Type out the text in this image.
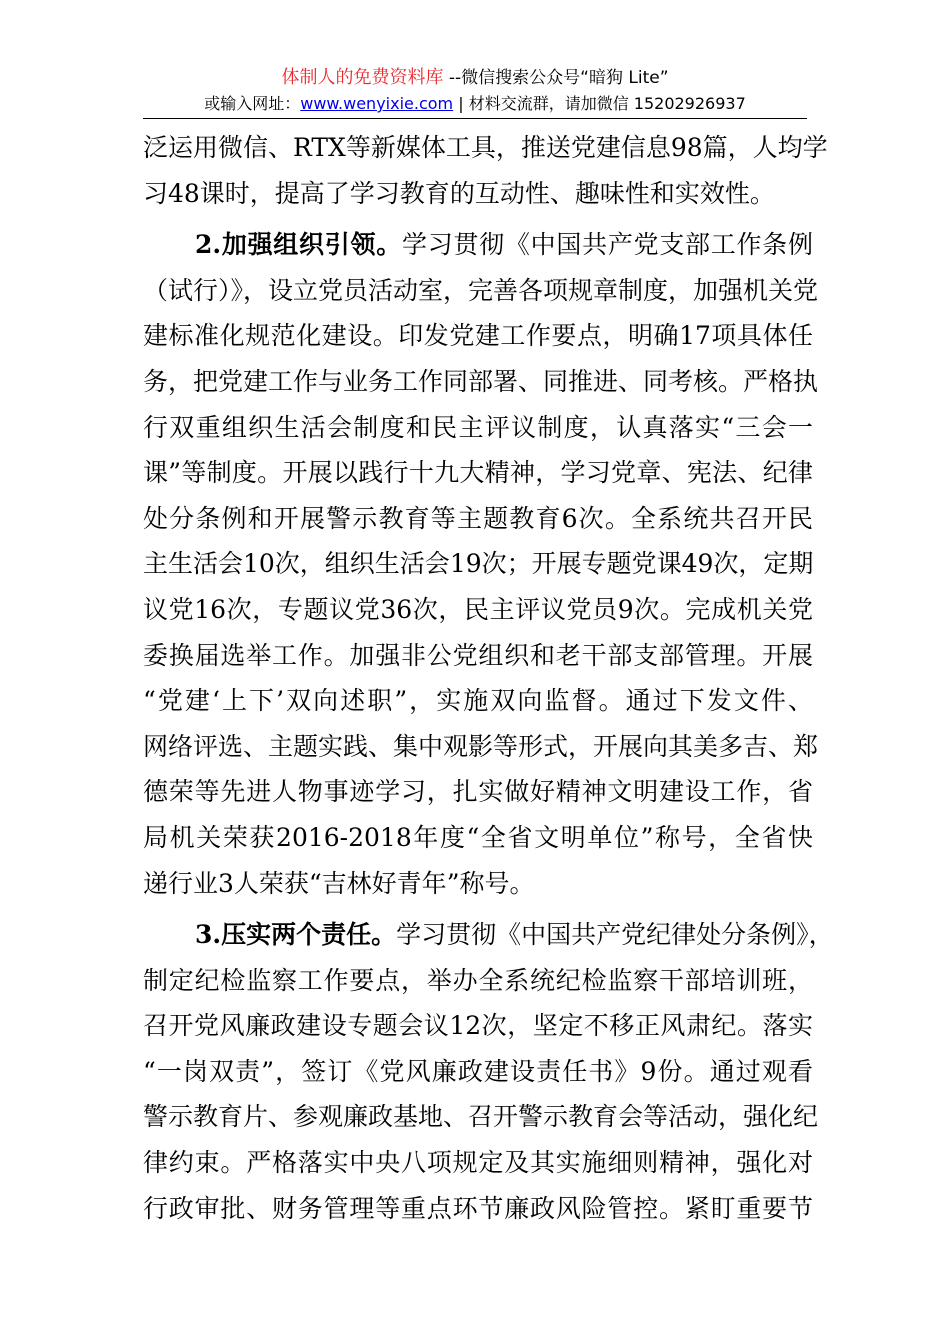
体制人的免费资料库 --微信搜索公众号“暗狗 Lite”
或输入网址：www.wenyixie.com | 材料交流群，请加微信 15202926937
泛运用微信、RTX等新媒体工具，推送党建信息98篇，人均学
习48课时，提高了学习教育的互动性、趣味性和实效性。
2.加强组织引领。学习贯彻《中国共产党支部工作条例
（试行）》，设立党员活动室，完善各项规章制度，加强机关党
建标准化规范化建设。印发党建工作要点，明确17项具体任
务，把党建工作与业务工作同部署、同推进、同考核。严格执
行双重组织生活会制度和民主评议制度，认真落实“三会一
课”等制度。开展以践行十九大精神，学习党章、宪法、纪律
处分条例和开展警示教育等主题教育6次。全系统共召开民
主生活会10次，组织生活会19次；开展专题党课49次，定期
议党16次，专题议党36次，民主评议党员9次。完成机关党
委换届选举工作。加强非公党组织和老干部支部管理。开展
“党建‘上下’双向述职”，实施双向监督。通过下发文件、
网络评选、主题实践、集中观影等形式，开展向其美多吉、郑
德荣等先进人物事迹学习，扎实做好精神文明建设工作，省
局机关荣获2016-2018年度“全省文明单位”称号，全省快
递行业3人荣获“吉林好青年”称号。
3.压实两个责任。学习贯彻《中国共产党纪律处分条例》，
制定纪检监察工作要点，举办全系统纪检监察干部培训班，
召开党风廉政建设专题会议12次，坚定不移正风肃纪。落实
“一岗双责”，签订《党风廉政建设责任书》9份。通过观看
警示教育片、参观廉政基地、召开警示教育会等活动，强化纪
律约束。严格落实中央八项规定及其实施细则精神，强化对
行政审批、财务管理等重点环节廉政风险管控。紧盯重要节
